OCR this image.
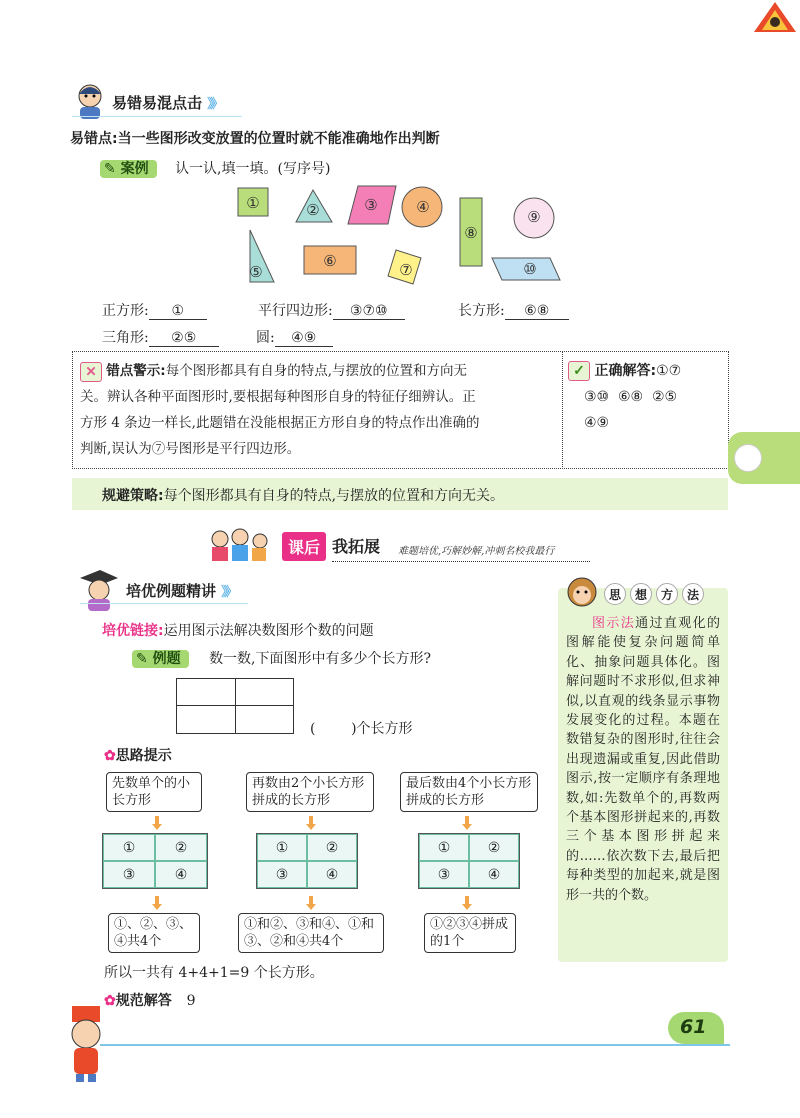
易错易混点击 》》
易错点:当一些图形改变放置的位置时就不能准确地作出判断
✎ 案例 认一认,填一填。(写序号)
①	②	③	④
⑧
⑨
⑤
⑥	⑦	⑩
正方形: ①	平行四边形: ③⑦⑩	长方形: ⑥⑧
三角形: ②⑤	圆: ④⑨
✕ 错点警示:每个图形都具有自身的特点,与摆放的位置和方向无
关。辨认各种平面图形时,要根据每种图形自身的特征仔细辨认。正
方形 4 条边一样长,此题错在没能根据正方形自身的特点作出准确的
判断,误认为⑦号图形是平行四边形。
✓ 正确解答:①⑦
③⑩  ⑥⑧  ②⑤
④⑨
规避策略:每个图形都具有自身的特点,与摆放的位置和方向无关。
课后 我拓展 难题培优,巧解妙解,冲刺名校我最行
培优例题精讲 》》
培优链接:运用图示法解决数图形个数的问题
✎ 例题 数一数,下面图形中有多少个长方形?
(        )个长方形
✿思路提示
先数单个的小长方形
①	②
③	④
①、②、③、④共4个
再数由2个小长方形拼成的长方形
①	②
③	④
①和②、③和④、①和③、②和④共4个
最后数由4个小长方形拼成的长方形
①	②
③	④
①②③④拼成的1个
所以一共有 4+4+1=9 个长方形。
✿规范解答 9
思	想	方	法
图示法通过直观化的图解能使复杂问题简单化、抽象问题具体化。图解问题时不求形似,但求神似,以直观的线条显示事物发展变化的过程。本题在数错复杂的图形时,往往会出现遗漏或重复,因此借助图示,按一定顺序有条理地数,如:先数单个的,再数两个基本图形拼起来的,再数三个基本图形拼起来的……依次数下去,最后把每种类型的加起来,就是图形一共的个数。
61
